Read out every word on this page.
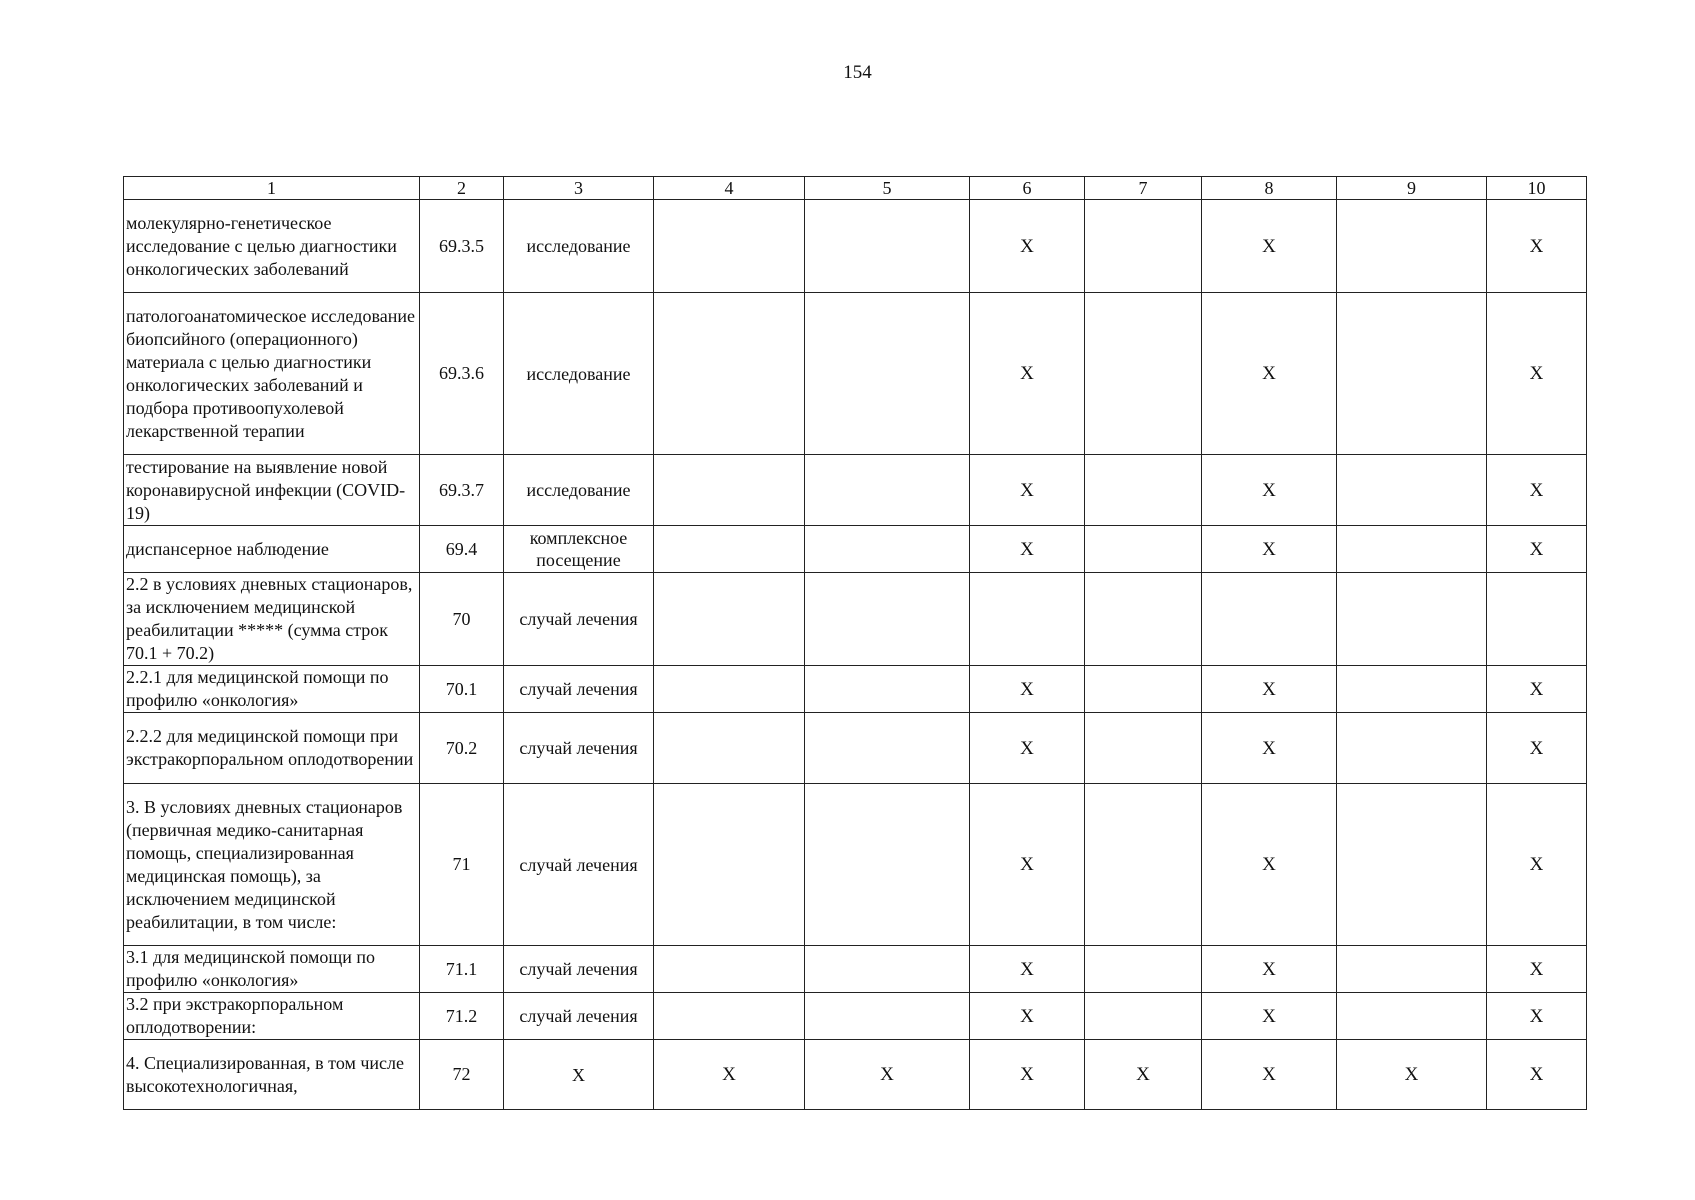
154
1	2	3	4	5	6	7	8	9	10
молекулярно-генетическое исследование с целью диагностики онкологических заболеваний	69.3.5	исследование			X		X		X
патологоанатомическое исследование биопсийного (операционного) материала с целью диагностики онкологических заболеваний и подбора противоопухолевой лекарственной терапии	69.3.6	исследование			X		X		X
тестирование на выявление новой коронавирусной инфекции (COVID-19)	69.3.7	исследование			X		X		X
диспансерное наблюдение	69.4	комплексное посещение			X		X		X
2.2 в условиях дневных стационаров, за исключением медицинской реабилитации ***** (сумма строк 70.1 + 70.2)	70	случай лечения							
2.2.1 для медицинской помощи по профилю «онкология»	70.1	случай лечения			X		X		X
2.2.2 для медицинской помощи при экстракорпоральном оплодотворении	70.2	случай лечения			X		X		X
3. В условиях дневных стационаров (первичная медико-санитарная помощь, специализированная медицинская помощь), за исключением медицинской реабилитации, в том числе:	71	случай лечения			X		X		X
3.1 для медицинской помощи по профилю «онкология»	71.1	случай лечения			X		X		X
3.2 при экстракорпоральном оплодотворении:	71.2	случай лечения			X		X		X
4. Специализированная, в том числе высокотехнологичная,	72	X	X	X	X	X	X	X	X
